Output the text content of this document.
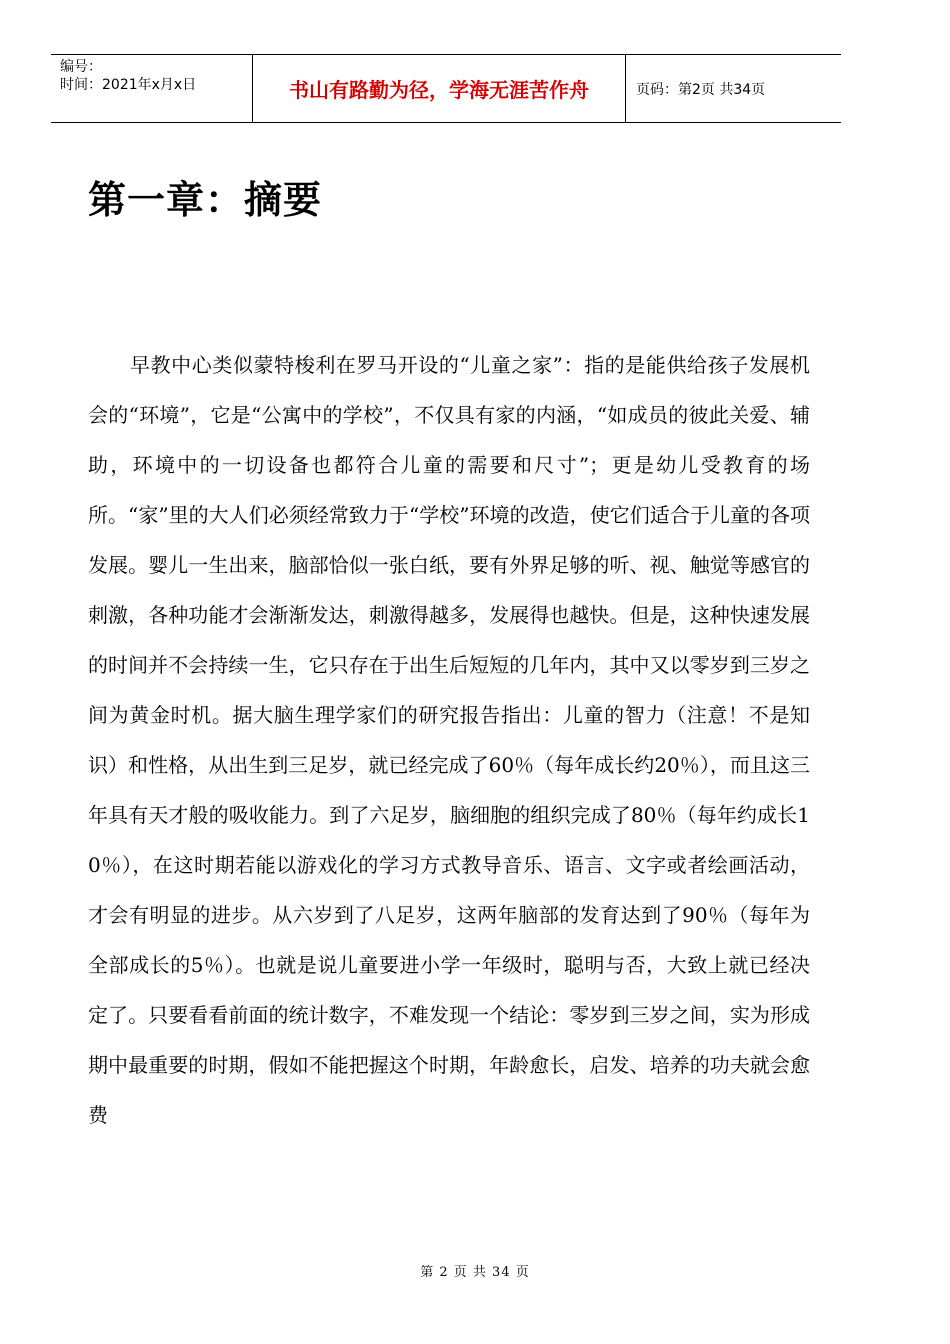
编号：
时间：2021年x月x日	书山有路勤为径，学海无涯苦作舟	页码：第2页 共34页
第一章：摘要

早教中心类似蒙特梭利在罗马开设的“儿童之家”：指的是能供给孩子发展机会的“环境”，它是“公寓中的学校”，不仅具有家的内涵，“如成员的彼此关爱、辅助，环境中的一切设备也都符合儿童的需要和尺寸”；更是幼儿受教育的场所。“家”里的大人们必须经常致力于“学校”环境的改造，使它们适合于儿童的各项发展。婴儿一生出来，脑部恰似一张白纸，要有外界足够的听、视、触觉等感官的刺激，各种功能才会渐渐发达，刺激得越多，发展得也越快。但是，这种快速发展的时间并不会持续一生，它只存在于出生后短短的几年内，其中又以零岁到三岁之间为黄金时机。据大脑生理学家们的研究报告指出：儿童的智力（注意！不是知识）和性格，从出生到三足岁，就已经完成了60％（每年成长约20％），而且这三年具有天才般的吸收能力。到了六足岁，脑细胞的组织完成了80％（每年约成长10％），在这时期若能以游戏化的学习方式教导音乐、语言、文字或者绘画活动，才会有明显的进步。从六岁到了八足岁，这两年脑部的发育达到了90％（每年为全部成长的5％）。也就是说儿童要进小学一年级时，聪明与否，大致上就已经决定了。只要看看前面的统计数字，不难发现一个结论：零岁到三岁之间，实为形成期中最重要的时期，假如不能把握这个时期，年龄愈长，启发、培养的功夫就会愈费

第 2 页 共 34 页
